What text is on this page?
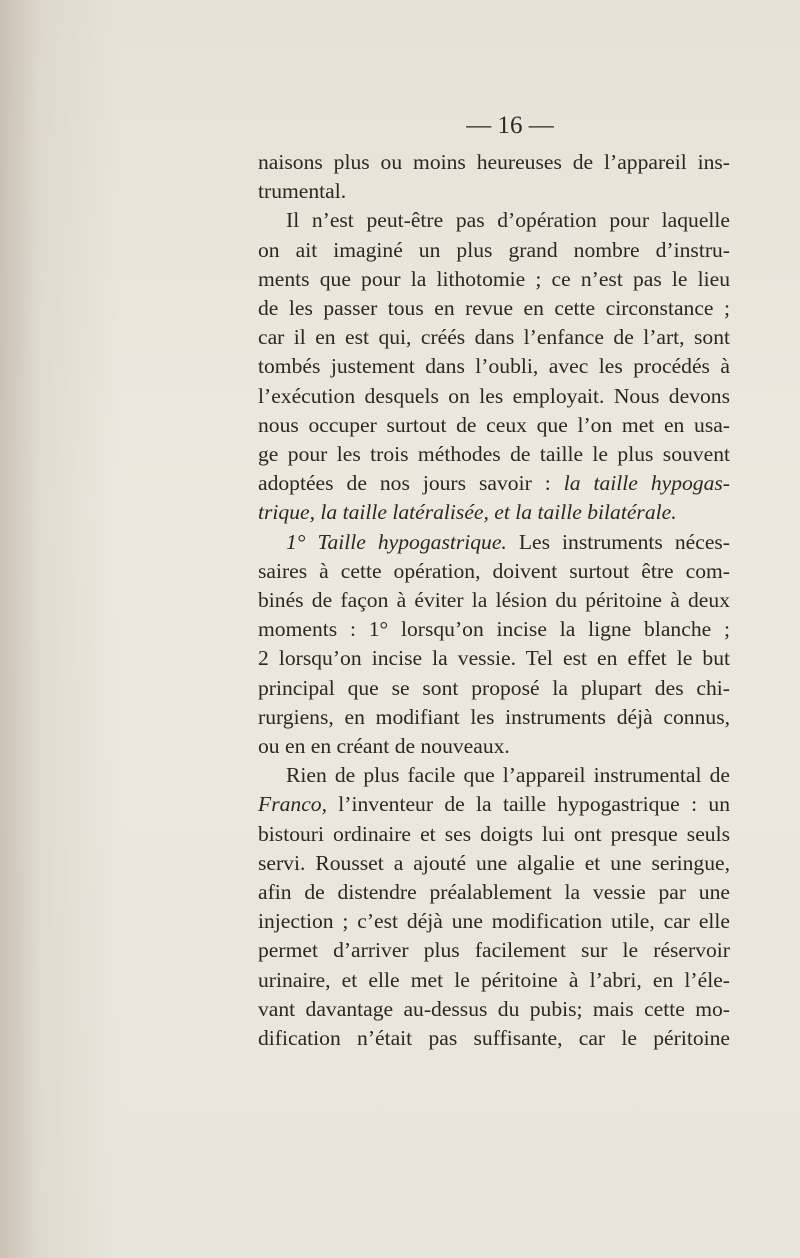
— 16 —

naisons plus ou moins heureuses de l’appareil ins-
trumental.

Il n’est peut-être pas d’opération pour laquelle
on ait imaginé un plus grand nombre d’instru-
ments que pour la lithotomie ; ce n’est pas le lieu
de les passer tous en revue en cette circonstance ;
car il en est qui, créés dans l’enfance de l’art, sont
tombés justement dans l’oubli, avec les procédés à
l’exécution desquels on les employait. Nous devons
nous occuper surtout de ceux que l’on met en usa-
ge pour les trois méthodes de taille le plus souvent
adoptées de nos jours savoir : la taille hypogas-
trique, la taille latéralisée, et la taille bilatérale.

1° Taille hypogastrique. Les instruments néces-
saires à cette opération, doivent surtout être com-
binés de façon à éviter la lésion du péritoine à deux
moments : 1° lorsqu’on incise la ligne blanche ;
2 lorsqu’on incise la vessie. Tel est en effet le but
principal que se sont proposé la plupart des chi-
rurgiens, en modifiant les instruments déjà connus,
ou en en créant de nouveaux.

Rien de plus facile que l’appareil instrumental de
Franco, l’inventeur de la taille hypogastrique : un
bistouri ordinaire et ses doigts lui ont presque seuls
servi. Rousset a ajouté une algalie et une seringue,
afin de distendre préalablement la vessie par une
injection ; c’est déjà une modification utile, car elle
permet d’arriver plus facilement sur le réservoir
urinaire, et elle met le péritoine à l’abri, en l’éle-
vant davantage au-dessus du pubis; mais cette mo-
dification n’était pas suffisante, car le péritoine
